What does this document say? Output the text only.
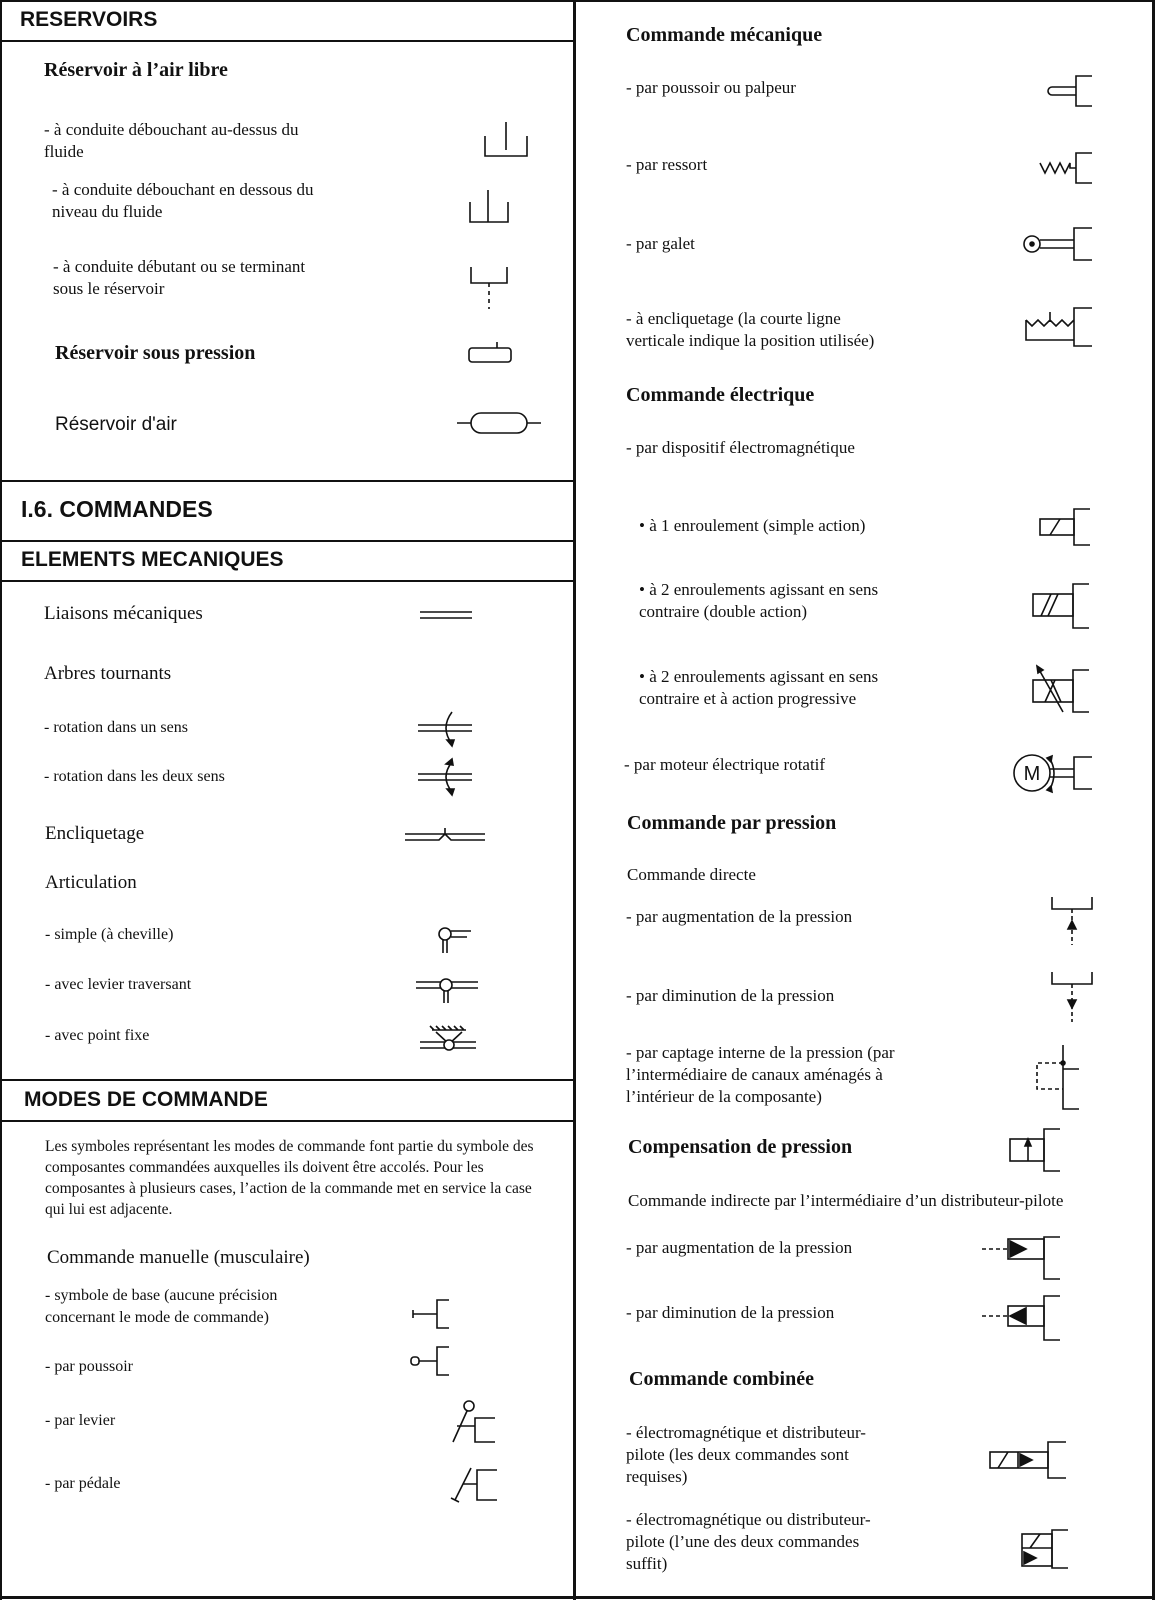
RESERVOIRS
Réservoir à l’air libre
- à conduite débouchant au-dessus du
fluide
- à conduite débouchant en dessous du
niveau du fluide
- à conduite débutant ou se terminant
sous le réservoir
Réservoir sous pression
Réservoir d'air
I.6. COMMANDES
ELEMENTS MECANIQUES
Liaisons mécaniques
Arbres tournants
- rotation dans un sens
- rotation dans les deux sens
Encliquetage
Articulation
- simple (à cheville)
- avec levier traversant
- avec point fixe
MODES DE COMMANDE
Les symboles représentant les modes de commande font partie du symbole des composantes commandées auxquelles ils doivent être accolés. Pour les composantes à plusieurs cases, l’action de la commande met en service la case qui lui est adjacente.
Commande manuelle (musculaire)
- symbole de base (aucune précision
concernant le mode de commande)
- par poussoir
- par levier
- par pédale
Commande mécanique
- par poussoir ou palpeur
- par ressort
- par galet
- à encliquetage (la courte ligne
verticale indique la position utilisée)
Commande électrique
- par dispositif électromagnétique
• à 1 enroulement (simple action)
• à 2 enroulements agissant en sens
contraire (double action)
• à 2 enroulements agissant en sens
contraire et à action progressive
- par moteur électrique rotatif
Commande par pression
Commande directe
- par augmentation de la pression
- par diminution de la pression
- par captage interne de la pression (par
l’intermédiaire de canaux aménagés à
l’intérieur de la composante)
Compensation de pression
Commande indirecte par l’intermédiaire d’un distributeur-pilote
- par augmentation de la pression
- par diminution de la pression
Commande combinée
- électromagnétique et distributeur-
pilote (les deux commandes sont
requises)
- électromagnétique ou distributeur-
pilote (l’une des deux commandes
suffit)
M
